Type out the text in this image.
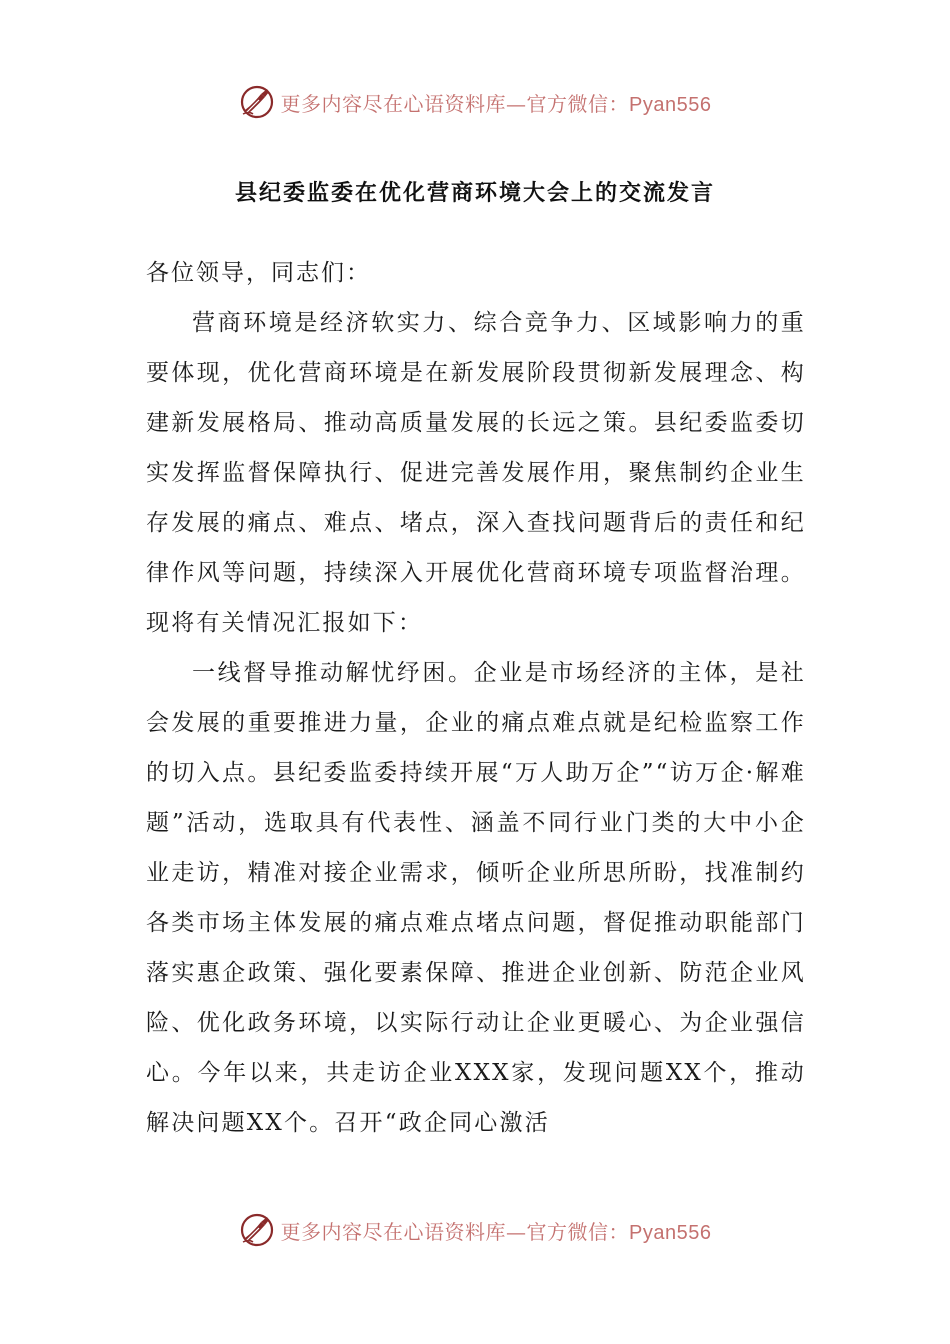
更多内容尽在心语资料库—官方微信：Pyan556
县纪委监委在优化营商环境大会上的交流发言

各位领导，同志们：

营商环境是经济软实力、综合竞争力、区域影响力的重要体现，优化营商环境是在新发展阶段贯彻新发展理念、构建新发展格局、推动高质量发展的长远之策。县纪委监委切实发挥监督保障执行、促进完善发展作用，聚焦制约企业生存发展的痛点、难点、堵点，深入查找问题背后的责任和纪律作风等问题，持续深入开展优化营商环境专项监督治理。现将有关情况汇报如下：

一线督导推动解忧纾困。企业是市场经济的主体，是社会发展的重要推进力量，企业的痛点难点就是纪检监察工作的切入点。县纪委监委持续开展“万人助万企”“访万企·解难题”活动，选取具有代表性、涵盖不同行业门类的大中小企业走访，精准对接企业需求，倾听企业所思所盼，找准制约各类市场主体发展的痛点难点堵点问题，督促推动职能部门落实惠企政策、强化要素保障、推进企业创新、防范企业风险、优化政务环境，以实际行动让企业更暖心、为企业强信心。今年以来，共走访企业XXX家，发现问题XX个，推动解决问题XX个。召开“政企同心激活

更多内容尽在心语资料库—官方微信：Pyan556
